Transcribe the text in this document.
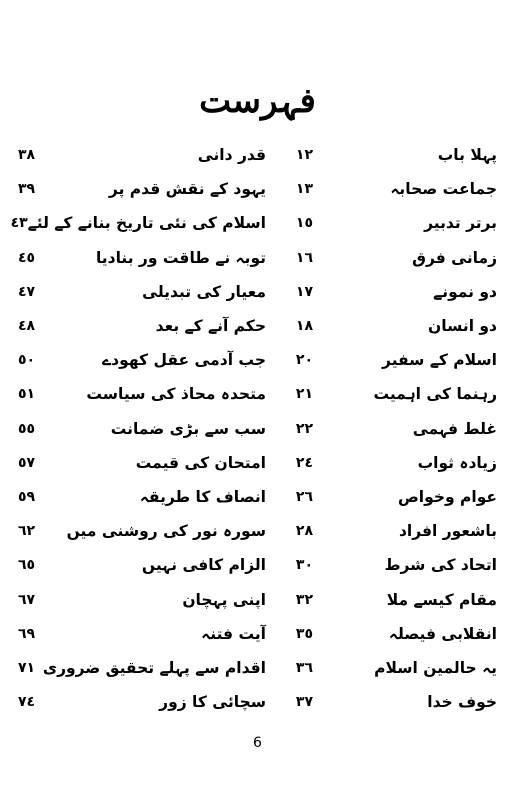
فہرست
پہلا باب
١٢
قدر دانی
٣٨
جماعت صحابہ
١٣
یہود کے نقش قدم پر
٣٩
برتر تدبیر
١٥
اسلام کی نئی تاریخ بنانے کے لئے
٤٣
زمانی فرق
١٦
توبہ نے طاقت ور بنادیا
٤٥
دو نمونے
١٧
معیار کی تبدیلی
٤٧
دو انسان
١٨
حکم آنے کے بعد
٤٨
اسلام کے سفیر
٢٠
جب آدمی عقل کھودے
٥٠
رہنما کی اہمیت
٢١
متحدہ محاذ کی سیاست
٥١
غلط فہمی
٢٢
سب سے بڑی ضمانت
٥٥
زیادہ ثواب
٢٤
امتحان کی قیمت
٥٧
عوام وخواص
٢٦
انصاف کا طریقہ
٥٩
باشعور افراد
٢٨
سورہ نور کی روشنی میں
٦٢
اتحاد کی شرط
٣٠
الزام کافی نہیں
٦٥
مقام کیسے ملا
٣٢
اپنی پہچان
٦٧
انقلابی فیصلہ
٣٥
آیت فتنہ
٦٩
یہ حالمین اسلام
٣٦
اقدام سے پہلے تحقیق ضروری
٧١
خوف خدا
٣٧
سچائی کا زور
٧٤
6
